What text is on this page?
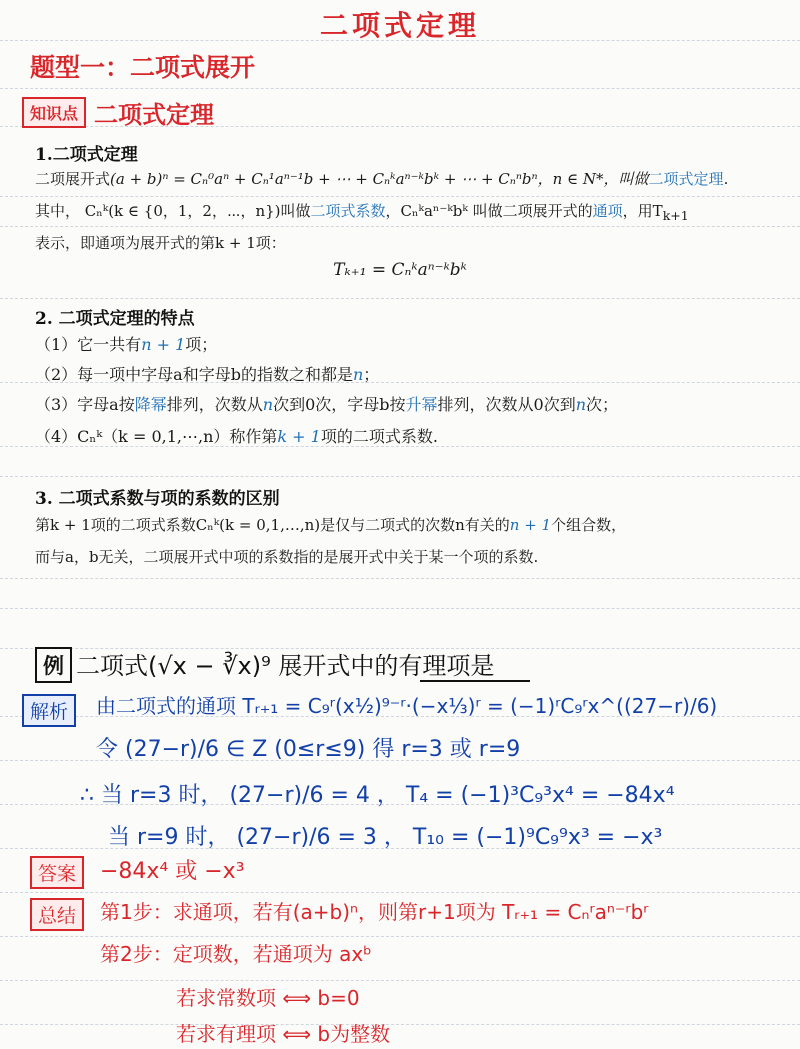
二项式定理
题型一：二项式展开
知识点 二项式定理
1.二项式定理
二项展开式(a + b)ⁿ = Cₙ⁰aⁿ + Cₙ¹aⁿ⁻¹b + ⋯ + Cₙᵏaⁿ⁻ᵏbᵏ + ⋯ + Cₙⁿbⁿ，n ∈ N*，叫做二项式定理.
其中， Cₙᵏ(k ∈ {0，1，2，⋯，n})叫做二项式系数，Cₙᵏaⁿ⁻ᵏbᵏ 叫做二项展开式的通项，用$T_{k+1}$
表示，即通项为展开式的第k + 1项：
Tₖ₊₁ = Cₙᵏaⁿ⁻ᵏbᵏ
2. 二项式定理的特点
（1）它一共有n + 1项；
（2）每一项中字母a和字母b的指数之和都是n；
（3）字母a按降幂排列，次数从n次到0次，字母b按升幂排列，次数从0次到n次；
（4）Cₙᵏ（k = 0,1,⋯,n）称作第k + 1项的二项式系数.
3. 二项式系数与项的系数的区别
第k + 1项的二项式系数Cₙᵏ(k = 0,1,…,n)是仅与二项式的次数n有关的n + 1个组合数，
而与a，b无关，二项展开式中项的系数指的是展开式中关于某一个项的系数.
例 二项式(√x − ∛x)⁹ 展开式中的有理项是
解析	由二项式的通项 Tᵣ₊₁ = C₉ʳ(x½)⁹⁻ʳ·(−x⅓)ʳ = (−1)ʳC₉ʳx^((27−r)/6)
令 (27−r)/6 ∈ Z (0≤r≤9) 得 r=3 或 r=9
∴ 当 r=3 时， (27−r)/6 = 4 ， T₄ = (−1)³C₉³x⁴ = −84x⁴
当 r=9 时， (27−r)/6 = 3 ， T₁₀ = (−1)⁹C₉⁹x³ = −x³
答案	−84x⁴ 或 −x³
总结	第1步：求通项，若有(a+b)ⁿ，则第r+1项为 Tᵣ₊₁ = Cₙʳaⁿ⁻ʳbʳ
第2步：定项数，若通项为 axᵇ
若求常数项 ⟺ b=0
若求有理项 ⟺ b为整数
